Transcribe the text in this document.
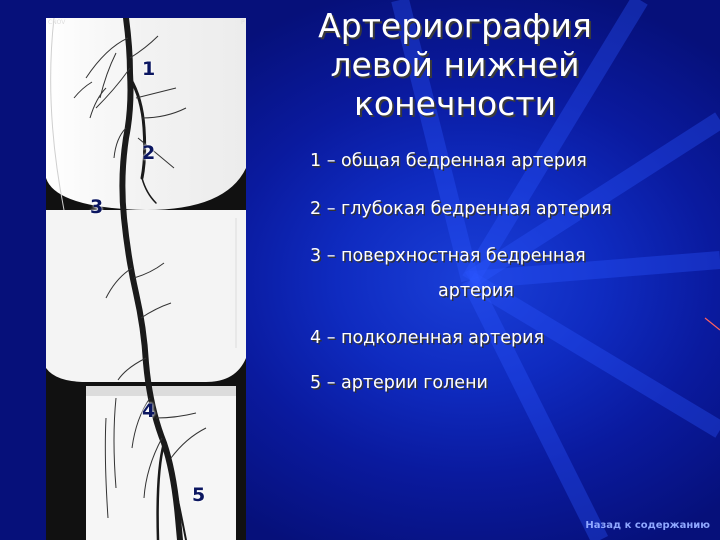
CNOV	P
1
2
3
4
5
Артериография
левой нижней
конечности
1 – общая бедренная артерия
2 – глубокая бедренная артерия
3 – поверхностная бедренная
артерия
4 – подколенная артерия
5 – артерии голени
Назад к содержанию
